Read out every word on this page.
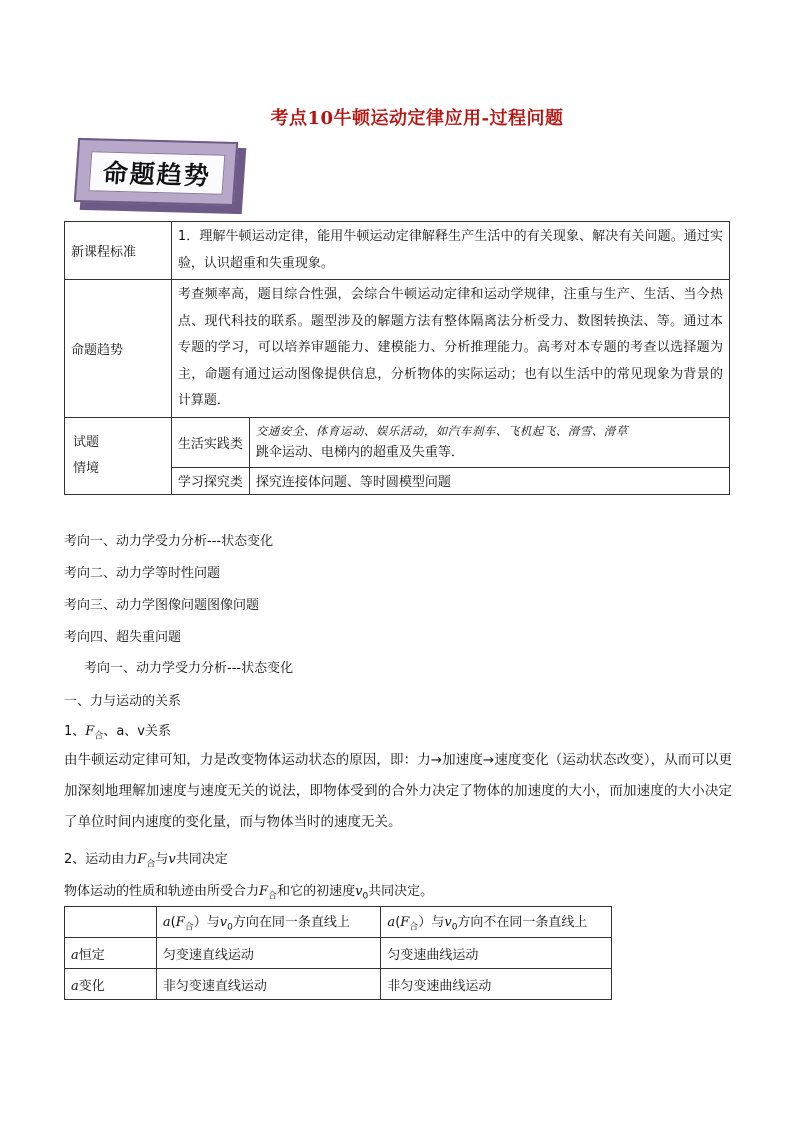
考点10牛顿运动定律应用-过程问题
命题趋势
新课程标准	1．理解牛顿运动定律，能用牛顿运动定律解释生产生活中的有关现象、解决有关问题。通过实验，认识超重和失重现象。	
命题趋势	考查频率高，题目综合性强，会综合牛顿运动定律和运动学规律，注重与生产、生活、当今热点、现代科技的联系。题型涉及的解题方法有整体隔离法分析受力、数图转换法、等。通过本专题的学习，可以培养审题能力、建模能力、分析推理能力。高考对本专题的考查以选择题为主，命题有通过运动图像提供信息，分析物体的实际运动；也有以生活中的常见现象为背景的计算题．	
试题
情境	生活实践类	交通安全、体育运动、娱乐活动，如汽车刹车、飞机起飞、滑雪、滑草
跳伞运动、电梯内的超重及失重等．
	学习探究类	探究连接体问题、等时圆模型问题
考向一、动力学受力分析---状态变化
考向二、动力学等时性问题
考向三、动力学图像问题图像问题
考向四、超失重问题
考向一、动力学受力分析---状态变化
一、力与运动的关系
1、$F_合$、a、v关系
由牛顿运动定律可知，力是改变物体运动状态的原因，即：力→加速度→速度变化（运动状态改变），从而可以更加深刻地理解加速度与速度无关的说法，即物体受到的合外力决定了物体的加速度的大小，而加速度的大小决定了单位时间内速度的变化量，而与物体当时的速度无关。
2、运动由力$F_合$与v共同决定
物体运动的性质和轨迹由所受合力$F_合$和它的初速度$v_0$共同决定。
	$a(F_合)$与$v_0$方向在同一条直线上	$a(F_合)$与$v_0$方向不在同一条直线上
a恒定	匀变速直线运动	匀变速曲线运动
a变化	非匀变速直线运动	非匀变速曲线运动
